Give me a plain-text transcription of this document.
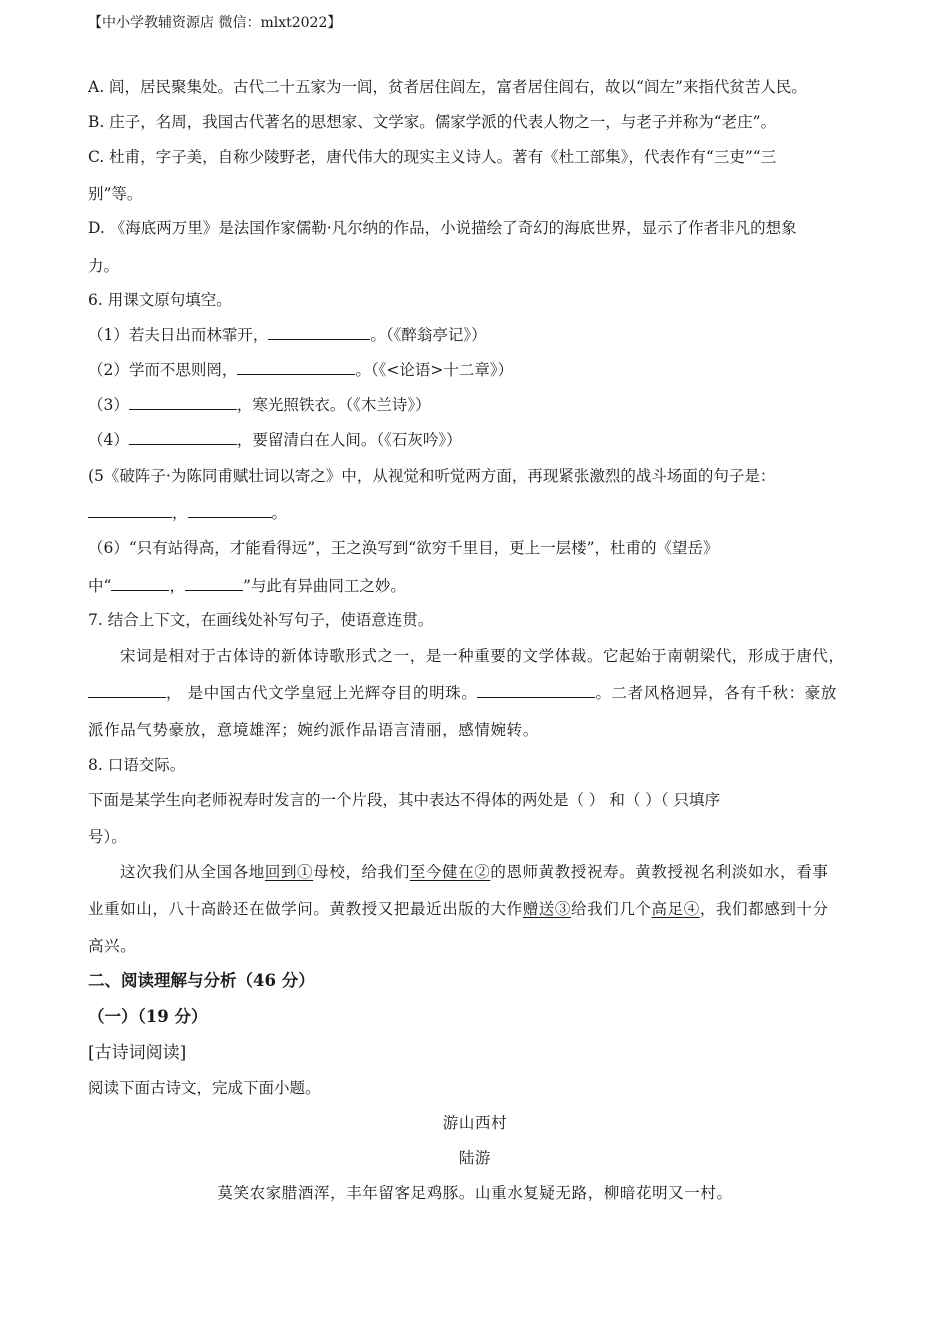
【中小学教辅资源店 微信：mlxt2022】
A. 闾，居民聚集处。古代二十五家为一闾，贫者居住闾左，富者居住闾右，故以“闾左”来指代贫苦人民。
B. 庄子，名周，我国古代著名的思想家、文学家。儒家学派的代表人物之一，与老子并称为“老庄”。
C. 杜甫，字子美，自称少陵野老，唐代伟大的现实主义诗人。著有《杜工部集》，代表作有“三吏”“三
别”等。
D. 《海底两万里》是法国作家儒勒·凡尔纳的作品，小说描绘了奇幻的海底世界，显示了作者非凡的想象
力。
6. 用课文原句填空。
（1）若夫日出而林霏开，	。（《醉翁亭记》）
（2）学而不思则罔，	。（《<论语>十二章》）
（3）	，寒光照铁衣。（《木兰诗》）
（4）	，要留清白在人间。（《石灰吟》）
(5《破阵子·为陈同甫赋壮词以寄之》中，从视觉和听觉两方面，再现紧张激烈的战斗场面的句子是：
，	。
（6）“只有站得高，才能看得远”，王之涣写到“欲穷千里目，更上一层楼”，杜甫的《望岳》
中“	，	”与此有异曲同工之妙。
7. 结合上下文，在画线处补写句子，使语意连贯。
宋词是相对于古体诗的新体诗歌形式之一，是一种重要的文学体裁。它起始于南朝梁代，形成于唐代，
， 是中国古代文学皇冠上光辉夺目的明珠。	。二者风格迥异，各有千秋：豪放
派作品气势豪放，意境雄浑；婉约派作品语言清丽，感情婉转。
8. 口语交际。
下面是某学生向老师祝寿时发言的一个片段，其中表达不得体的两处是（ ） 和（ ）（ 只填序
号）。
这次我们从全国各地回到①母校，给我们至今健在②的恩师黄教授祝寿。黄教授视名利淡如水，看事
业重如山，八十高龄还在做学问。黄教授又把最近出版的大作赠送③给我们几个高足④，我们都感到十分
高兴。
二、阅读理解与分析（46 分）
（一）（19 分）
[古诗词阅读]
阅读下面古诗文，完成下面小题。
游山西村
陆游
莫笑农家腊酒浑，丰年留客足鸡豚。山重水复疑无路，柳暗花明又一村。
